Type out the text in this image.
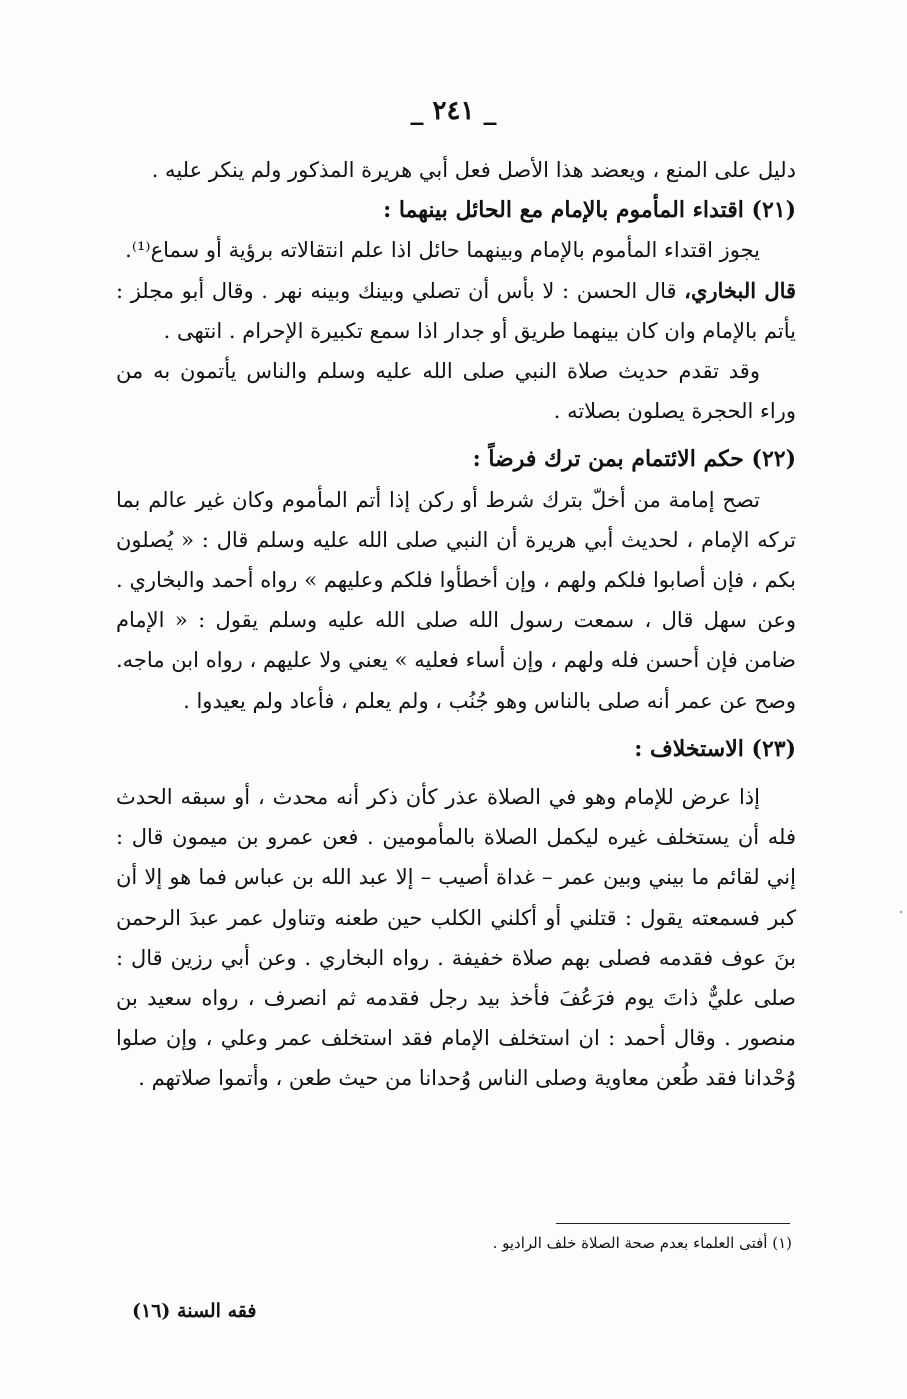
_ ٢٤١ _

دليل على المنع ، ويعضد هذا الأصل فعل أبي هريرة المذكور ولم ينكر عليه .

(٢١) اقتداء المأموم بالإمام مع الحائل بينهما :

يجوز اقتداء المأموم بالإمام وبينهما حائل اذا علم انتقالاته برؤية أو سماع⁽¹⁾.

قال البخاري، قال الحسن : لا بأس أن تصلي وبينك وبينه نهر . وقال أبو مجلز : يأتم بالإمام وان كان بينهما طريق أو جدار اذا سمع تكبيرة الإحرام . انتهى .

وقد تقدم حديث صلاة النبي صلى الله عليه وسلم والناس يأتمون به من وراء الحجرة يصلون بصلاته .

(٢٢) حكم الائتمام بمن ترك فرضاً :

تصح إمامة من أخلّ بترك شرط أو ركن إذا أتم المأموم وكان غير عالم بما تركه الإمام ، لحديث أبي هريرة أن النبي صلى الله عليه وسلم قال : « يُصلون بكم ، فإن أصابوا فلكم ولهم ، وإن أخطأوا فلكم وعليهم » رواه أحمد والبخاري . وعن سهل قال ، سمعت رسول الله صلى الله عليه وسلم يقول : « الإمام ضامن فإن أحسن فله ولهم ، وإن أساء فعليه » يعني ولا عليهم ، رواه ابن ماجه. وصح عن عمر أنه صلى بالناس وهو جُنُب ، ولم يعلم ، فأعاد ولم يعيدوا .

(٢٣) الاستخلاف :

إذا عرض للإمام وهو في الصلاة عذر كأن ذكر أنه محدث ، أو سبقه الحدث فله أن يستخلف غيره ليكمل الصلاة بالمأمومين . فعن عمرو بن ميمون قال : إني لقائم ما بيني وبين عمر – غداة أصيب – إلا عبد الله بن عباس فما هو إلا أن كبر فسمعته يقول : قتلني أو أكلني الكلب حين طعنه وتناول عمر عبدَ الرحمن بنَ عوف فقدمه فصلى بهم صلاة خفيفة . رواه البخاري . وعن أبي رزين قال : صلى عليٌّ ذاتَ يوم فرَعُفَ فأخذ بيد رجل فقدمه ثم انصرف ، رواه سعيد بن منصور . وقال أحمد : ان استخلف الإمام فقد استخلف عمر وعلي ، وإن صلوا وُحْدانا فقد طُعن معاوية وصلى الناس وُحدانا من حيث طعن ، وأتموا صلاتهم .

(١) أفتى العلماء بعدم صحة الصلاة خلف الراديو .
فقه السنة (١٦)
